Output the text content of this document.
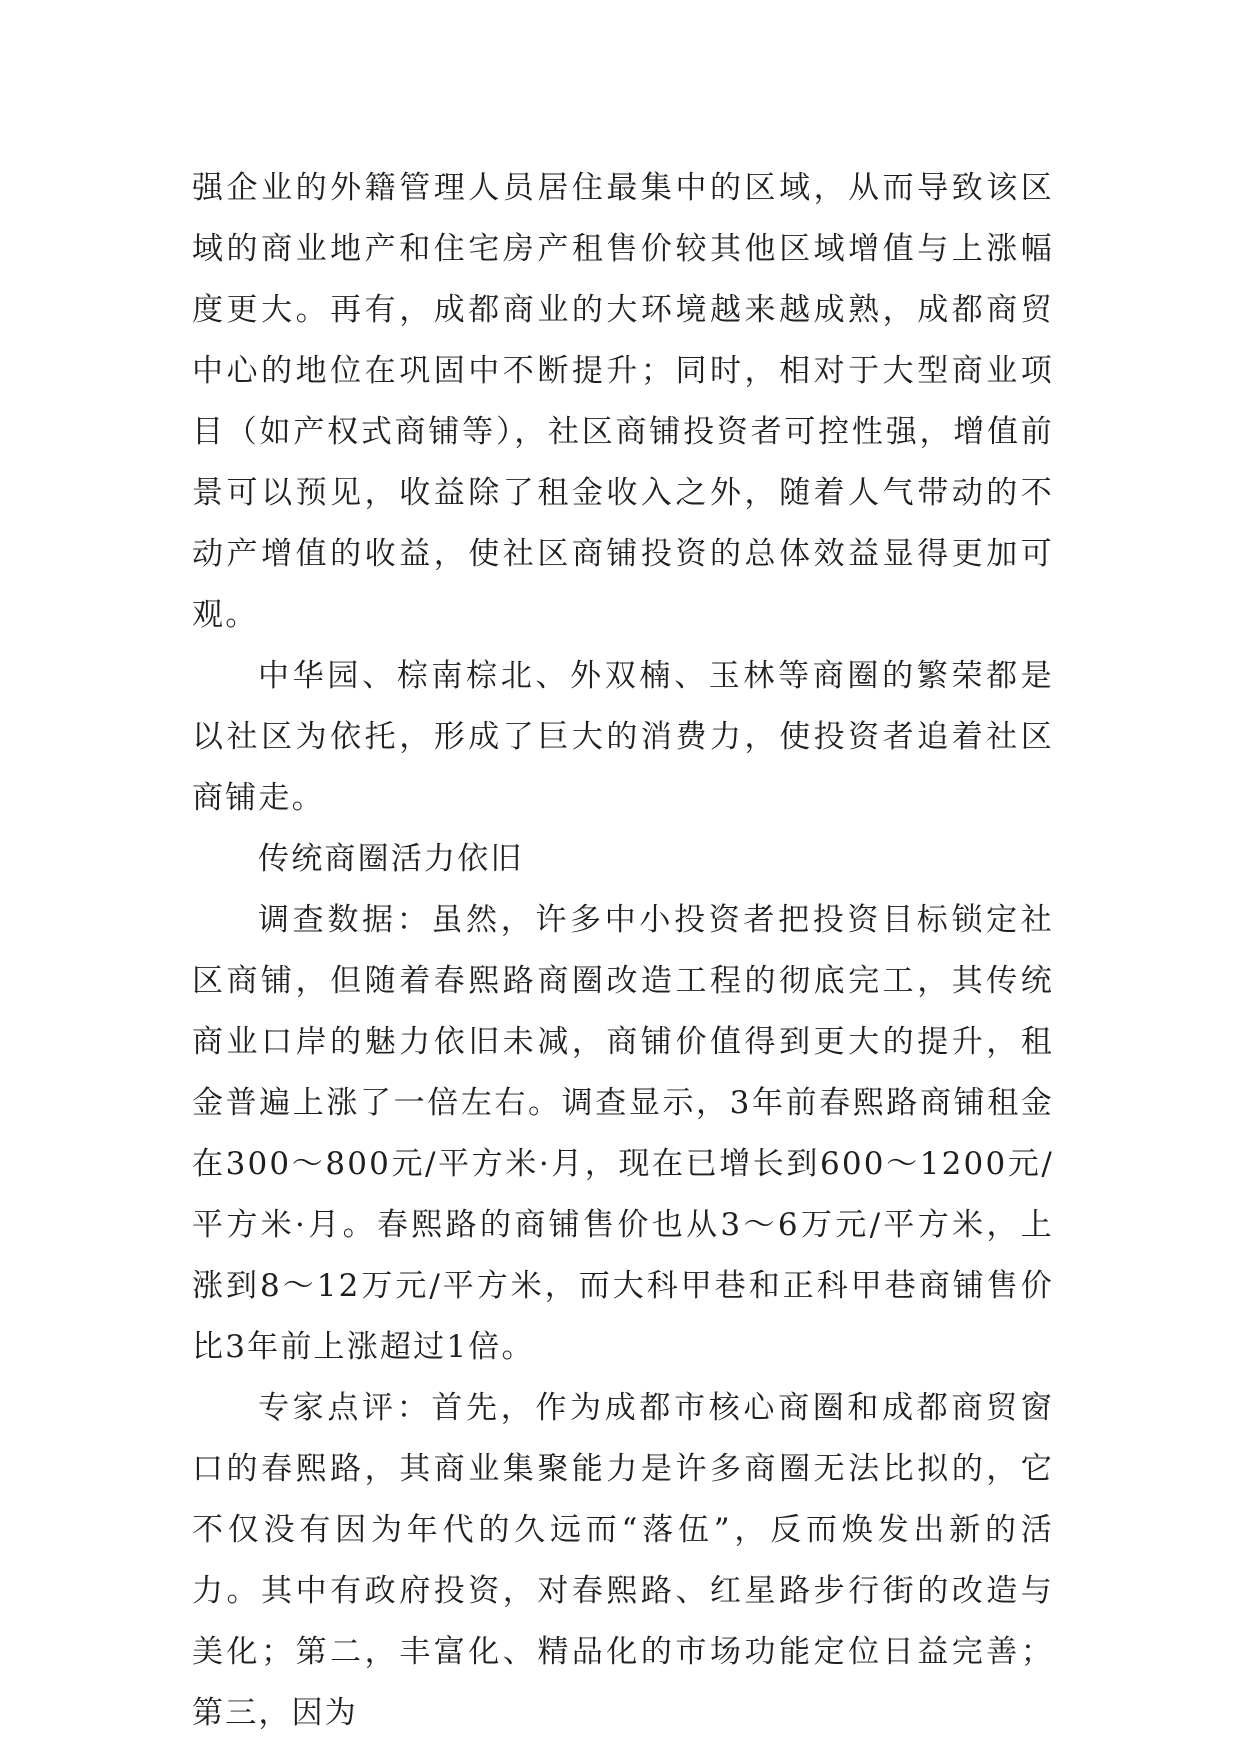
强企业的外籍管理人员居住最集中的区域，从而导致该区域的商业地产和住宅房产租售价较其他区域增值与上涨幅度更大。再有，成都商业的大环境越来越成熟，成都商贸中心的地位在巩固中不断提升；同时，相对于大型商业项目（如产权式商铺等），社区商铺投资者可控性强，增值前景可以预见，收益除了租金收入之外，随着人气带动的不动产增值的收益，使社区商铺投资的总体效益显得更加可观。

中华园、棕南棕北、外双楠、玉林等商圈的繁荣都是以社区为依托，形成了巨大的消费力，使投资者追着社区商铺走。

传统商圈活力依旧

调查数据：虽然，许多中小投资者把投资目标锁定社区商铺，但随着春熙路商圈改造工程的彻底完工，其传统商业口岸的魅力依旧未减，商铺价值得到更大的提升，租金普遍上涨了一倍左右。调查显示，3年前春熙路商铺租金在300～800元/平方米·月，现在已增长到600～1200元/平方米·月。春熙路的商铺售价也从3～6万元/平方米，上涨到8～12万元/平方米，而大科甲巷和正科甲巷商铺售价比3年前上涨超过1倍。

专家点评：首先，作为成都市核心商圈和成都商贸窗口的春熙路，其商业集聚能力是许多商圈无法比拟的，它不仅没有因为年代的久远而“落伍”，反而焕发出新的活力。其中有政府投资，对春熙路、红星路步行街的改造与美化；第二，丰富化、精品化的市场功能定位日益完善；第三，因为
